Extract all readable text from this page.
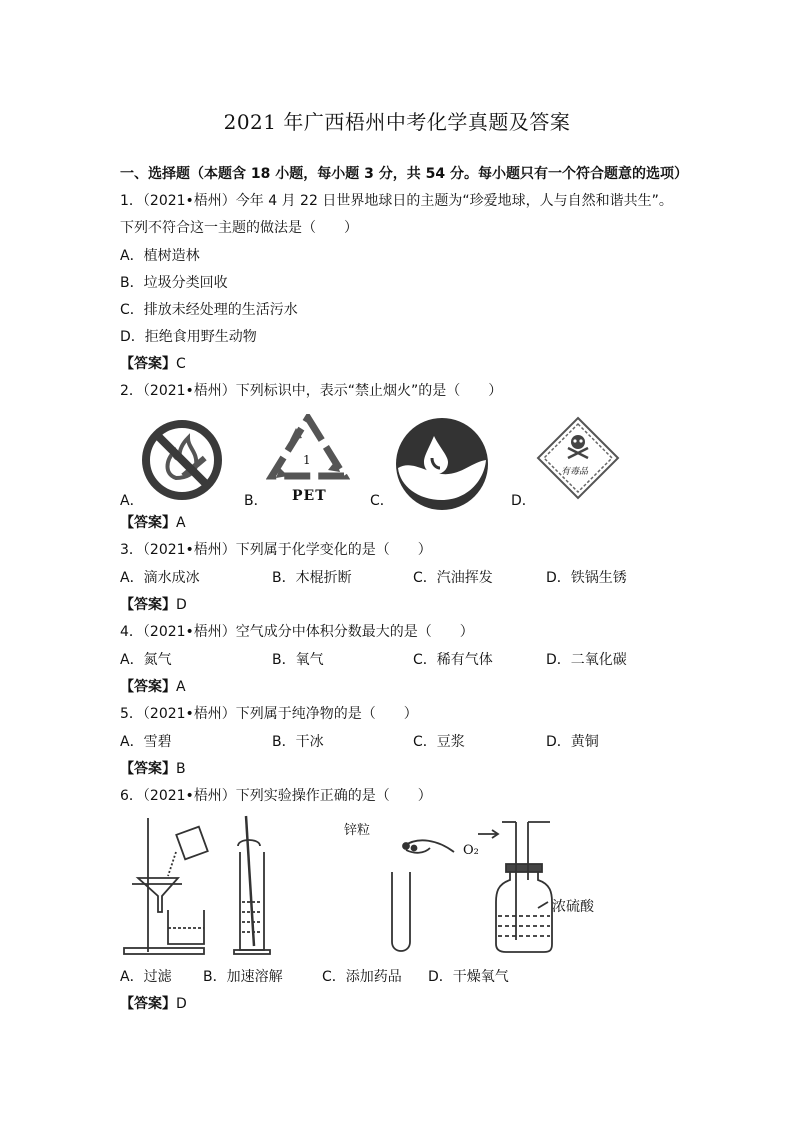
2021 年广西梧州中考化学真题及答案
一、选择题（本题含 18 小题，每小题 3 分，共 54 分。每小题只有一个符合题意的选项）
1．（2021•梧州）今年 4 月 22 日世界地球日的主题为“珍爱地球，人与自然和谐共生”。
下列不符合这一主题的做法是（　　）
A．植树造林
B．垃圾分类回收
C．排放未经处理的生活污水
D．拒绝食用野生动物
【答案】C
2．（2021•梧州）下列标识中，表示“禁止烟火”的是（　　）
A．	B．
1
PET	C．	D．
有毒品
【答案】A
3．（2021•梧州）下列属于化学变化的是（　　）
A．滴水成冰	B．木棍折断	C．汽油挥发	D．铁锅生锈
【答案】D
4．（2021•梧州）空气成分中体积分数最大的是（　　）
A．氮气	B．氧气	C．稀有气体	D．二氧化碳
【答案】A
5．（2021•梧州）下列属于纯净物的是（　　）
A．雪碧	B．干冰	C．豆浆	D．黄铜
【答案】B
6．（2021•梧州）下列实验操作正确的是（　　）
锌粒
O₂
浓硫酸
A．过滤 B．加速溶解	C．添加药品 D．干燥氧气
【答案】D
